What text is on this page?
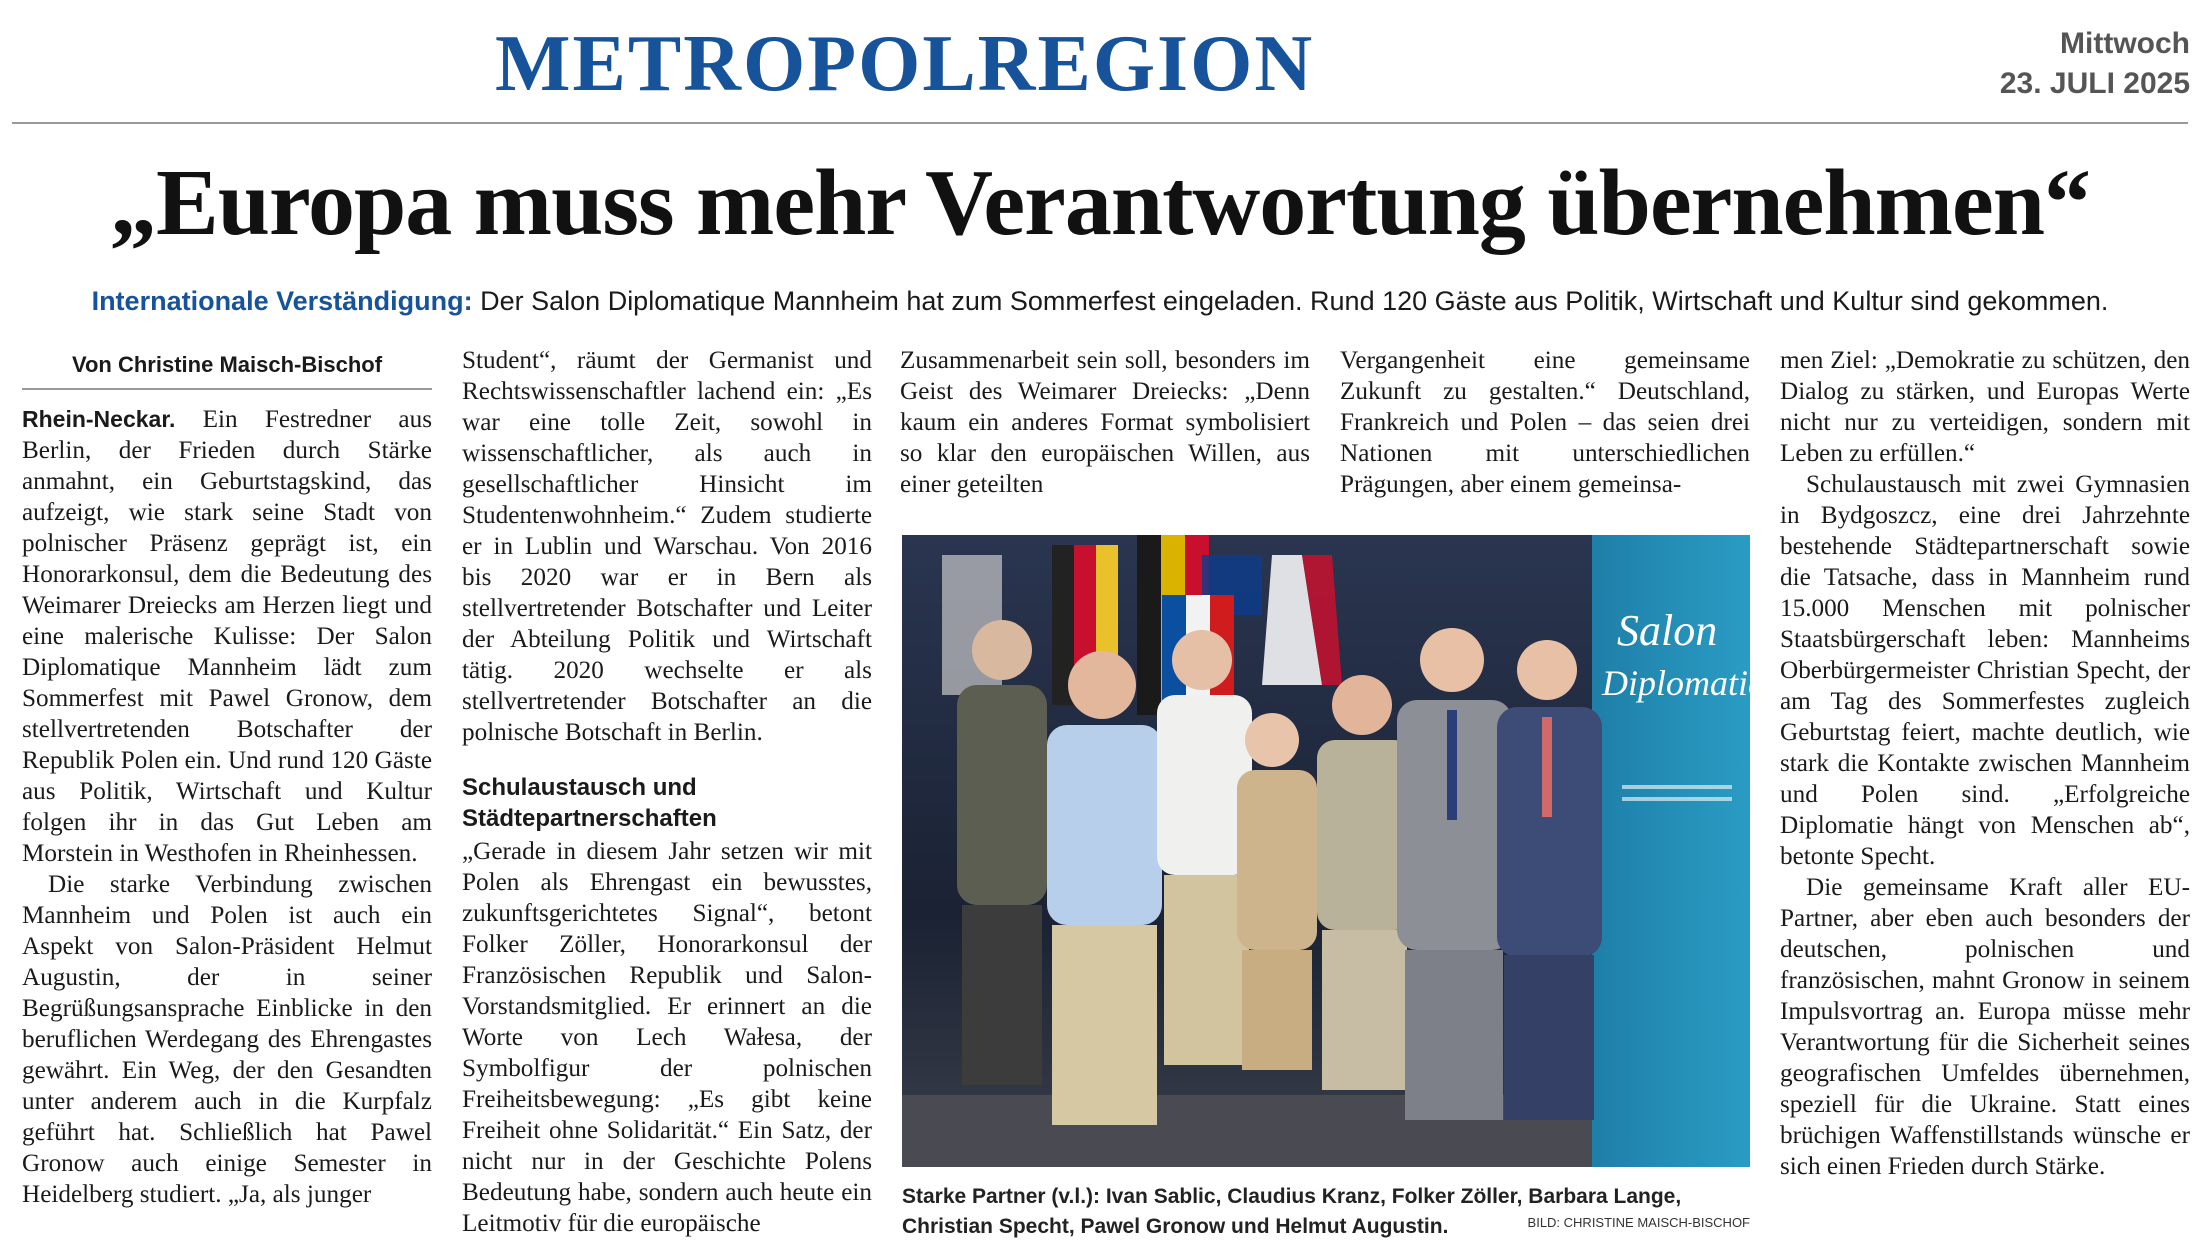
METROPOLREGION	Mittwoch
23. JULI 2025
„Europa muss mehr Verantwortung übernehmen“
Internationale Verständigung: Der Salon Diplomatique Mannheim hat zum Sommerfest eingeladen. Rund 120 Gäste aus Politik, Wirtschaft und Kultur sind gekommen.
Von Christine Maisch-Bischof

Rhein-Neckar. Ein Festredner aus Berlin, der Frieden durch Stärke anmahnt, ein Geburtstagskind, das aufzeigt, wie stark seine Stadt von polnischer Präsenz geprägt ist, ein Honorarkonsul, dem die Bedeutung des Weimarer Dreiecks am Herzen liegt und eine malerische Kulisse: Der Salon Diplomatique Mannheim lädt zum Sommerfest mit Pawel Gronow, dem stellvertretenden Botschafter der Republik Polen ein. Und rund 120 Gäste aus Politik, Wirtschaft und Kultur folgen ihr in das Gut Leben am Morstein in Westhofen in Rheinhessen.

Die starke Verbindung zwischen Mannheim und Polen ist auch ein Aspekt von Salon-Präsident Helmut Augustin, der in seiner Begrüßungsansprache Einblicke in den beruflichen Werdegang des Ehrengastes gewährt. Ein Weg, der den Gesandten unter anderem auch in die Kurpfalz geführt hat. Schließlich hat Pawel Gronow auch einige Semester in Heidelberg studiert. „Ja, als junger

Student“, räumt der Germanist und Rechtswissenschaftler lachend ein: „Es war eine tolle Zeit, sowohl in wissenschaftlicher, als auch in gesellschaftlicher Hinsicht im Studentenwohnheim.“ Zudem studierte er in Lublin und Warschau. Von 2016 bis 2020 war er in Bern als stellvertretender Botschafter und Leiter der Abteilung Politik und Wirtschaft tätig. 2020 wechselte er als stellvertretender Botschafter an die polnische Botschaft in Berlin.

Schulaustausch und Städtepartnerschaften

„Gerade in diesem Jahr setzen wir mit Polen als Ehrengast ein bewusstes, zukunftsgerichtetes Signal“, betont Folker Zöller, Honorarkonsul der Französischen Republik und Salon-Vorstandsmitglied. Er erinnert an die Worte von Lech Wałesa, der Symbolfigur der polnischen Freiheitsbewegung: „Es gibt keine Freiheit ohne Solidarität.“ Ein Satz, der nicht nur in der Geschichte Polens Bedeutung habe, sondern auch heute ein Leitmotiv für die europäische

Zusammenarbeit sein soll, besonders im Geist des Weimarer Dreiecks: „Denn kaum ein anderes Format symbolisiert so klar den europäischen Willen, aus einer geteilten

Vergangenheit eine gemeinsame Zukunft zu gestalten.“ Deutschland, Frankreich und Polen – das seien drei Nationen mit unterschiedlichen Prägungen, aber einem gemeinsa-

men Ziel: „Demokratie zu schützen, den Dialog zu stärken, und Europas Werte nicht nur zu verteidigen, sondern mit Leben zu erfüllen.“

Schulaustausch mit zwei Gymnasien in Bydgoszcz, eine drei Jahrzehnte bestehende Städtepartnerschaft sowie die Tatsache, dass in Mannheim rund 15.000 Menschen mit polnischer Staatsbürgerschaft leben: Mannheims Oberbürgermeister Christian Specht, der am Tag des Sommerfestes zugleich Geburtstag feiert, machte deutlich, wie stark die Kontakte zwischen Mannheim und Polen sind. „Erfolgreiche Diplomatie hängt von Menschen ab“, betonte Specht.

Die gemeinsame Kraft aller EU-Partner, aber eben auch besonders der deutschen, polnischen und französischen, mahnt Gronow in seinem Impulsvortrag an. Europa müsse mehr Verantwortung für die Sicherheit seines geografischen Umfeldes übernehmen, speziell für die Ukraine. Statt eines brüchigen Waffenstillstands wünsche er sich einen Frieden durch Stärke.

Salon
Diplomatique
Starke Partner (v.l.): Ivan Sablic, Claudius Kranz, Folker Zöller, Barbara Lange, Christian Specht, Pawel Gronow und Helmut Augustin.	BILD: CHRISTINE MAISCH-BISCHOF
